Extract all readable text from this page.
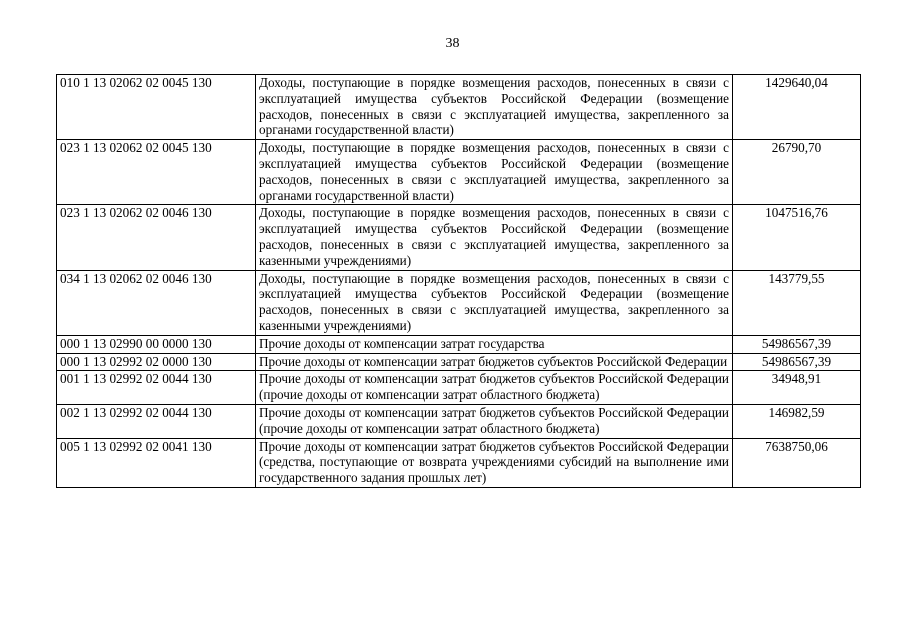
38
010 1 13 02062 02 0045 130	Доходы, поступающие в порядке возмещения расходов, понесенных в связи с эксплуатацией имущества субъектов Российской Федерации (возмещение расходов, понесенных в связи с эксплуатацией имущества, закрепленного за органами государственной власти)	1429640,04
023 1 13 02062 02 0045 130	Доходы, поступающие в порядке возмещения расходов, понесенных в связи с эксплуатацией имущества субъектов Российской Федерации (возмещение расходов, понесенных в связи с эксплуатацией имущества, закрепленного за органами государственной власти)	26790,70
023 1 13 02062 02 0046 130	Доходы, поступающие в порядке возмещения расходов, понесенных в связи с эксплуатацией имущества субъектов Российской Федерации (возмещение расходов, понесенных в связи с эксплуатацией имущества, закрепленного за казенными учреждениями)	1047516,76
034 1 13 02062 02 0046 130	Доходы, поступающие в порядке возмещения расходов, понесенных в связи с эксплуатацией имущества субъектов Российской Федерации (возмещение расходов, понесенных в связи с эксплуатацией имущества, закрепленного за казенными учреждениями)	143779,55
000 1 13 02990 00 0000 130	Прочие доходы от компенсации затрат государства	54986567,39
000 1 13 02992 02 0000 130	Прочие доходы от компенсации затрат бюджетов субъектов Российской Федерации	54986567,39
001 1 13 02992 02 0044 130	Прочие доходы от компенсации затрат бюджетов субъектов Российской Федерации (прочие доходы от компенсации затрат областного бюджета)	34948,91
002 1 13 02992 02 0044 130	Прочие доходы от компенсации затрат бюджетов субъектов Российской Федерации (прочие доходы от компенсации затрат областного бюджета)	146982,59
005 1 13 02992 02 0041 130	Прочие доходы от компенсации затрат бюджетов субъектов Российской Федерации (средства, поступающие от возврата учреждениями субсидий на выполнение ими государственного задания прошлых лет)	7638750,06
